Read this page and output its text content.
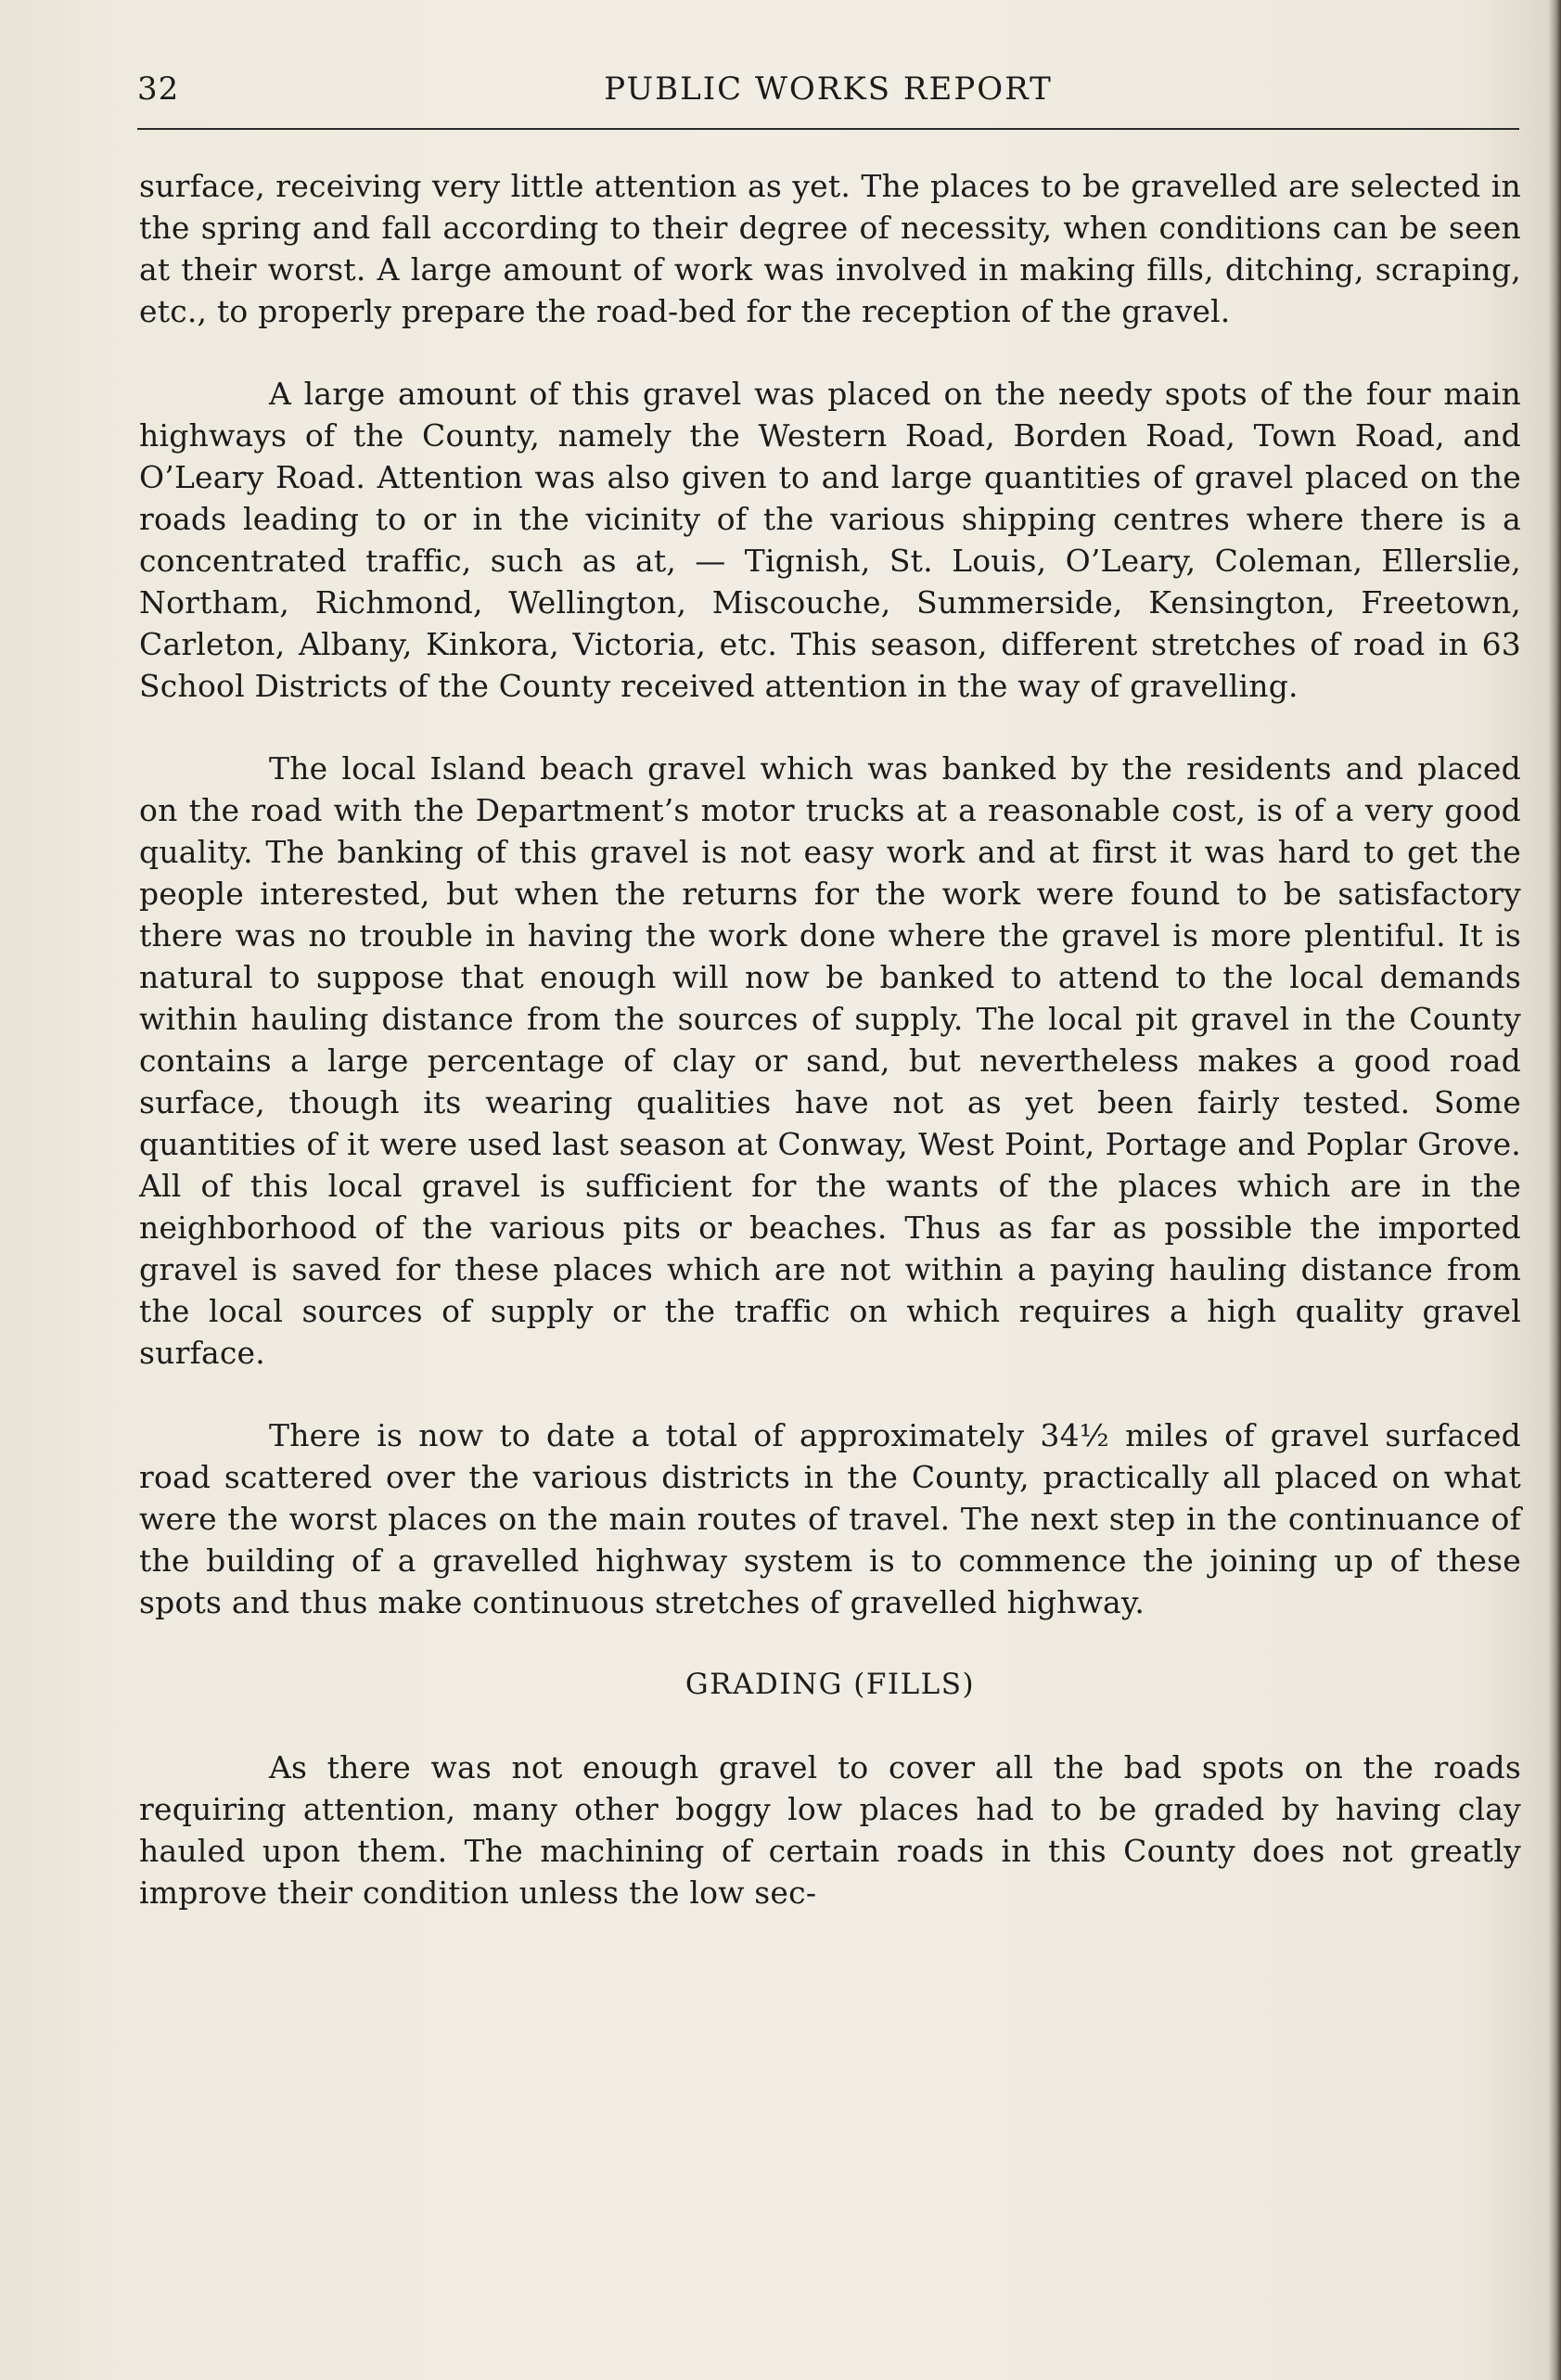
32	PUBLIC WORKS REPORT

surface, receiving very little attention as yet. The places to be gravelled are selected in the spring and fall according to their degree of necessity, when conditions can be seen at their worst. A large amount of work was involved in making fills, ditching, scraping, etc., to properly prepare the road-bed for the reception of the gravel.

A large amount of this gravel was placed on the needy spots of the four main highways of the County, namely the Western Road, Borden Road, Town Road, and O’Leary Road. Attention was also given to and large quantities of gravel placed on the roads leading to or in the vicinity of the various shipping centres where there is a concentrated traffic, such as at, — Tignish, St. Louis, O’Leary, Coleman, Ellerslie, Northam, Richmond, Wellington, Miscouche, Summerside, Kensington, Freetown, Carleton, Albany, Kinkora, Victoria, etc. This season, different stretches of road in 63 School Districts of the County received attention in the way of gravelling.

The local Island beach gravel which was banked by the residents and placed on the road with the Department’s motor trucks at a reasonable cost, is of a very good quality. The banking of this gravel is not easy work and at first it was hard to get the people interested, but when the returns for the work were found to be satisfactory there was no trouble in having the work done where the gravel is more plentiful. It is natural to suppose that enough will now be banked to attend to the local demands within hauling distance from the sources of supply. The local pit gravel in the County contains a large percentage of clay or sand, but nevertheless makes a good road surface, though its wearing qualities have not as yet been fairly tested. Some quantities of it were used last season at Conway, West Point, Portage and Poplar Grove. All of this local gravel is sufficient for the wants of the places which are in the neighborhood of the various pits or beaches. Thus as far as possible the imported gravel is saved for these places which are not within a paying hauling distance from the local sources of supply or the traffic on which requires a high quality gravel surface.

There is now to date a total of approximately 34½ miles of gravel surfaced road scattered over the various districts in the County, practically all placed on what were the worst places on the main routes of travel. The next step in the continuance of the building of a gravelled highway system is to commence the joining up of these spots and thus make continuous stretches of gravelled highway.

GRADING (FILLS)

As there was not enough gravel to cover all the bad spots on the roads requiring attention, many other boggy low places had to be graded by having clay hauled upon them. The machining of certain roads in this County does not greatly improve their condition unless the low sec-
